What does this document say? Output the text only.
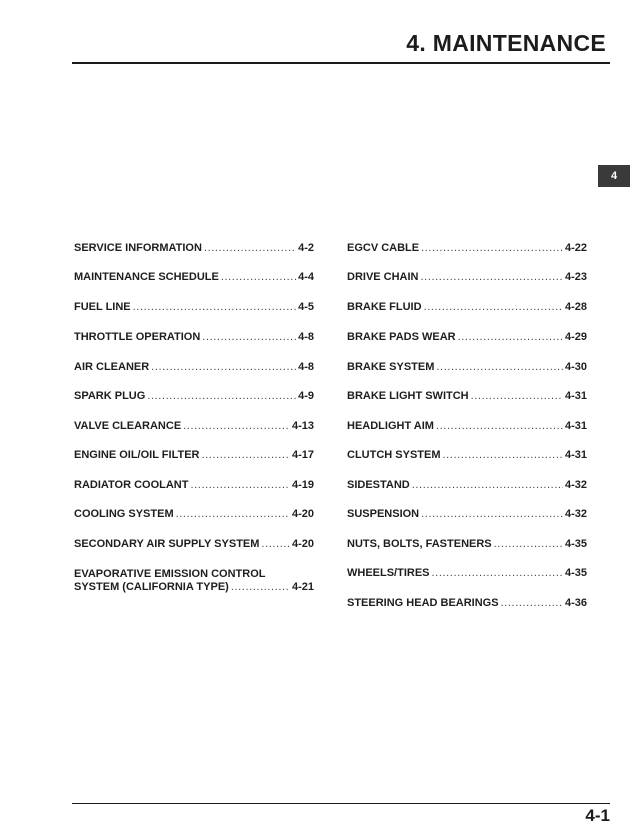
4. MAINTENANCE
4
SERVICE INFORMATION .....	4-2
MAINTENANCE SCHEDULE .....	4-4
FUEL LINE .....	4-5
THROTTLE OPERATION .....	4-8
AIR CLEANER .....	4-8
SPARK PLUG .....	4-9
VALVE CLEARANCE .....	4-13
ENGINE OIL/OIL FILTER .....	4-17
RADIATOR COOLANT .....	4-19
COOLING SYSTEM .....	4-20
SECONDARY AIR SUPPLY SYSTEM .....	4-20
EVAPORATIVE EMISSION CONTROL
SYSTEM (CALIFORNIA TYPE) .....	4-21
EGCV CABLE .....	4-22
DRIVE CHAIN .....	4-23
BRAKE FLUID .....	4-28
BRAKE PADS WEAR .....	4-29
BRAKE SYSTEM .....	4-30
BRAKE LIGHT SWITCH .....	4-31
HEADLIGHT AIM .....	4-31
CLUTCH SYSTEM .....	4-31
SIDESTAND .....	4-32
SUSPENSION .....	4-32
NUTS, BOLTS, FASTENERS .....	4-35
WHEELS/TIRES .....	4-35
STEERING HEAD BEARINGS .....	4-36
4-1
